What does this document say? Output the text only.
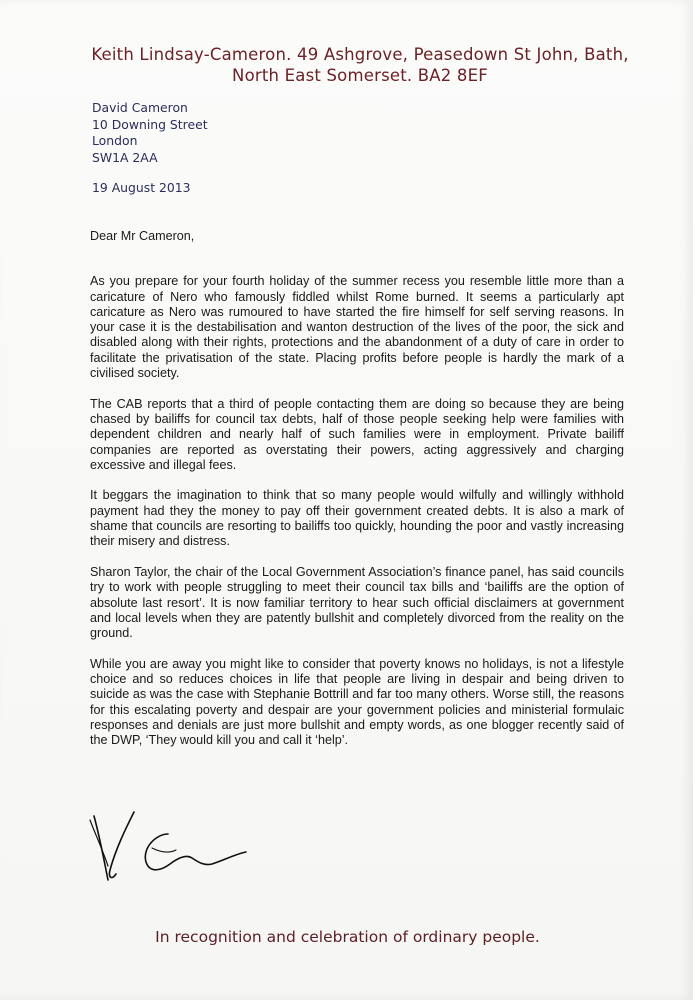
Keith Lindsay-Cameron. 49 Ashgrove, Peasedown St John, Bath,

North East Somerset. BA2 8EF
David Cameron
10 Downing Street
London
SW1A 2AA
19 August 2013

Dear Mr Cameron,

As you prepare for your fourth holiday of the summer recess you resemble little more than a caricature of Nero who famously fiddled whilst Rome burned. It seems a particularly apt caricature as Nero was rumoured to have started the fire himself for self serving reasons. In your case it is the destabilisation and wanton destruction of the lives of the poor, the sick and disabled along with their rights, protections and the abandonment of a duty of care in order to facilitate the privatisation of the state. Placing profits before people is hardly the mark of a civilised society.

The CAB reports that a third of people contacting them are doing so because they are being chased by bailiffs for council tax debts, half of those people seeking help were families with dependent children and nearly half of such families were in employment. Private bailiff companies are reported as overstating their powers, acting aggressively and charging excessive and illegal fees.

It beggars the imagination to think that so many people would wilfully and willingly withhold payment had they the money to pay off their government created debts. It is also a mark of shame that councils are resorting to bailiffs too quickly, hounding the poor and vastly increasing their misery and distress.

Sharon Taylor, the chair of the Local Government Association’s finance panel, has said councils try to work with people struggling to meet their council tax bills and ‘bailiffs are the option of absolute last resort’. It is now familiar territory to hear such official disclaimers at government and local levels when they are patently bullshit and completely divorced from the reality on the ground.

While you are away you might like to consider that poverty knows no holidays, is not a lifestyle choice and so reduces choices in life that people are living in despair and being driven to suicide as was the case with Stephanie Bottrill and far too many others. Worse still, the reasons for this escalating poverty and despair are your government policies and ministerial formulaic responses and denials are just more bullshit and empty words, as one blogger recently said of the DWP, ‘They would kill you and call it ‘help’.

In recognition and celebration of ordinary people.
